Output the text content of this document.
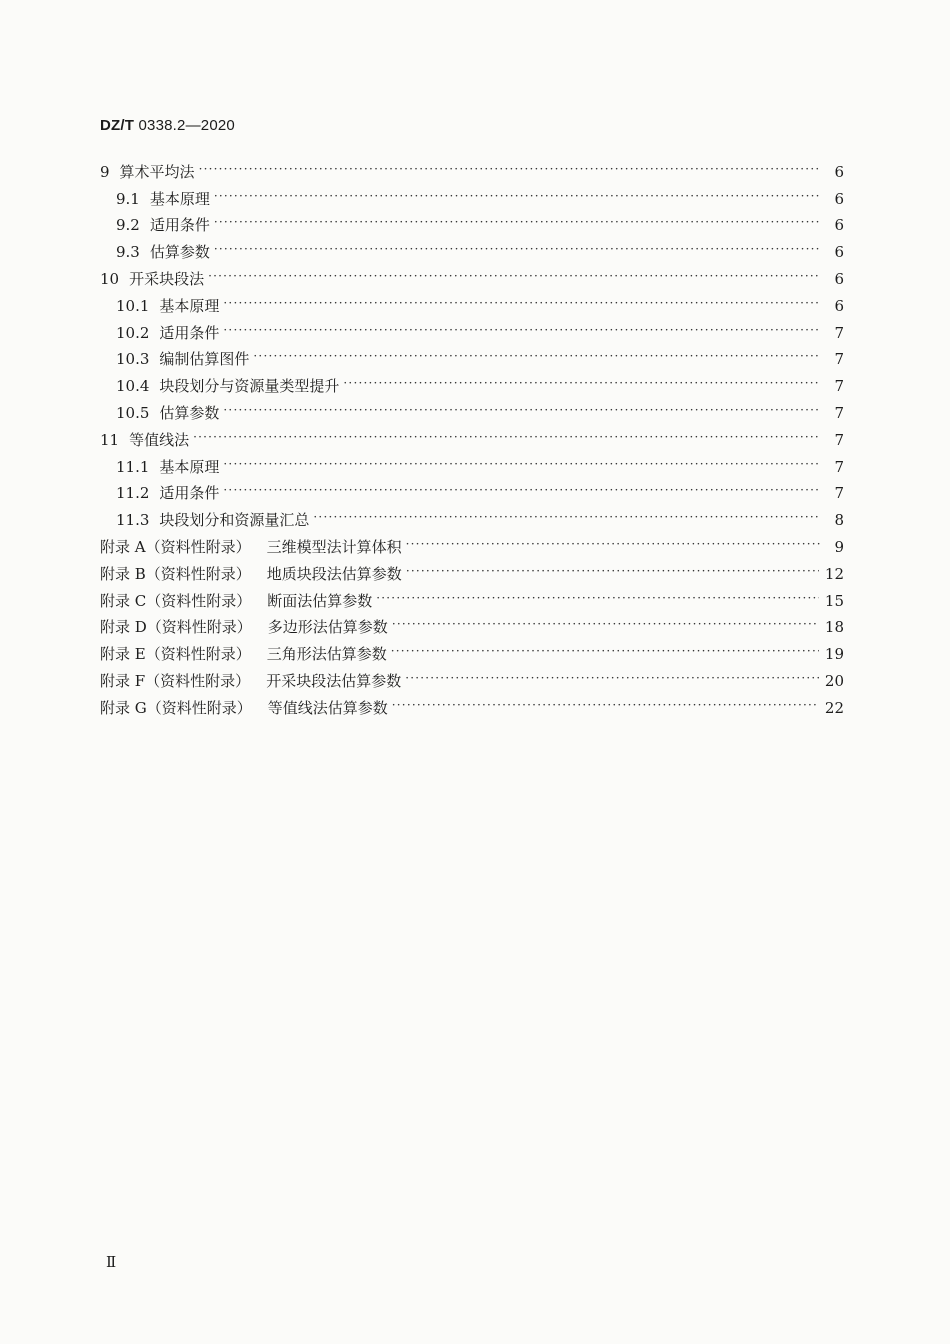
DZ/T 0338.2—2020
9 算术平均法 ·····	6
9.1 基本原理 ·····	6
9.2 适用条件 ·····	6
9.3 估算参数 ·····	6
10 开采块段法 ·····	6
10.1 基本原理 ·····	6
10.2 适用条件 ·····	7
10.3 编制估算图件 ·····	7
10.4 块段划分与资源量类型提升 ·····	7
10.5 估算参数 ·····	7
11 等值线法 ·····	7
11.1 基本原理 ·····	7
11.2 适用条件 ·····	7
11.3 块段划分和资源量汇总 ·····	8
附录 A（资料性附录） 三维模型法计算体积 ·····	9
附录 B（资料性附录） 地质块段法估算参数 ·····	12
附录 C（资料性附录） 断面法估算参数 ·····	15
附录 D（资料性附录） 多边形法估算参数 ·····	18
附录 E（资料性附录） 三角形法估算参数 ·····	19
附录 F（资料性附录） 开采块段法估算参数 ·····	20
附录 G（资料性附录） 等值线法估算参数 ·····	22
Ⅱ
